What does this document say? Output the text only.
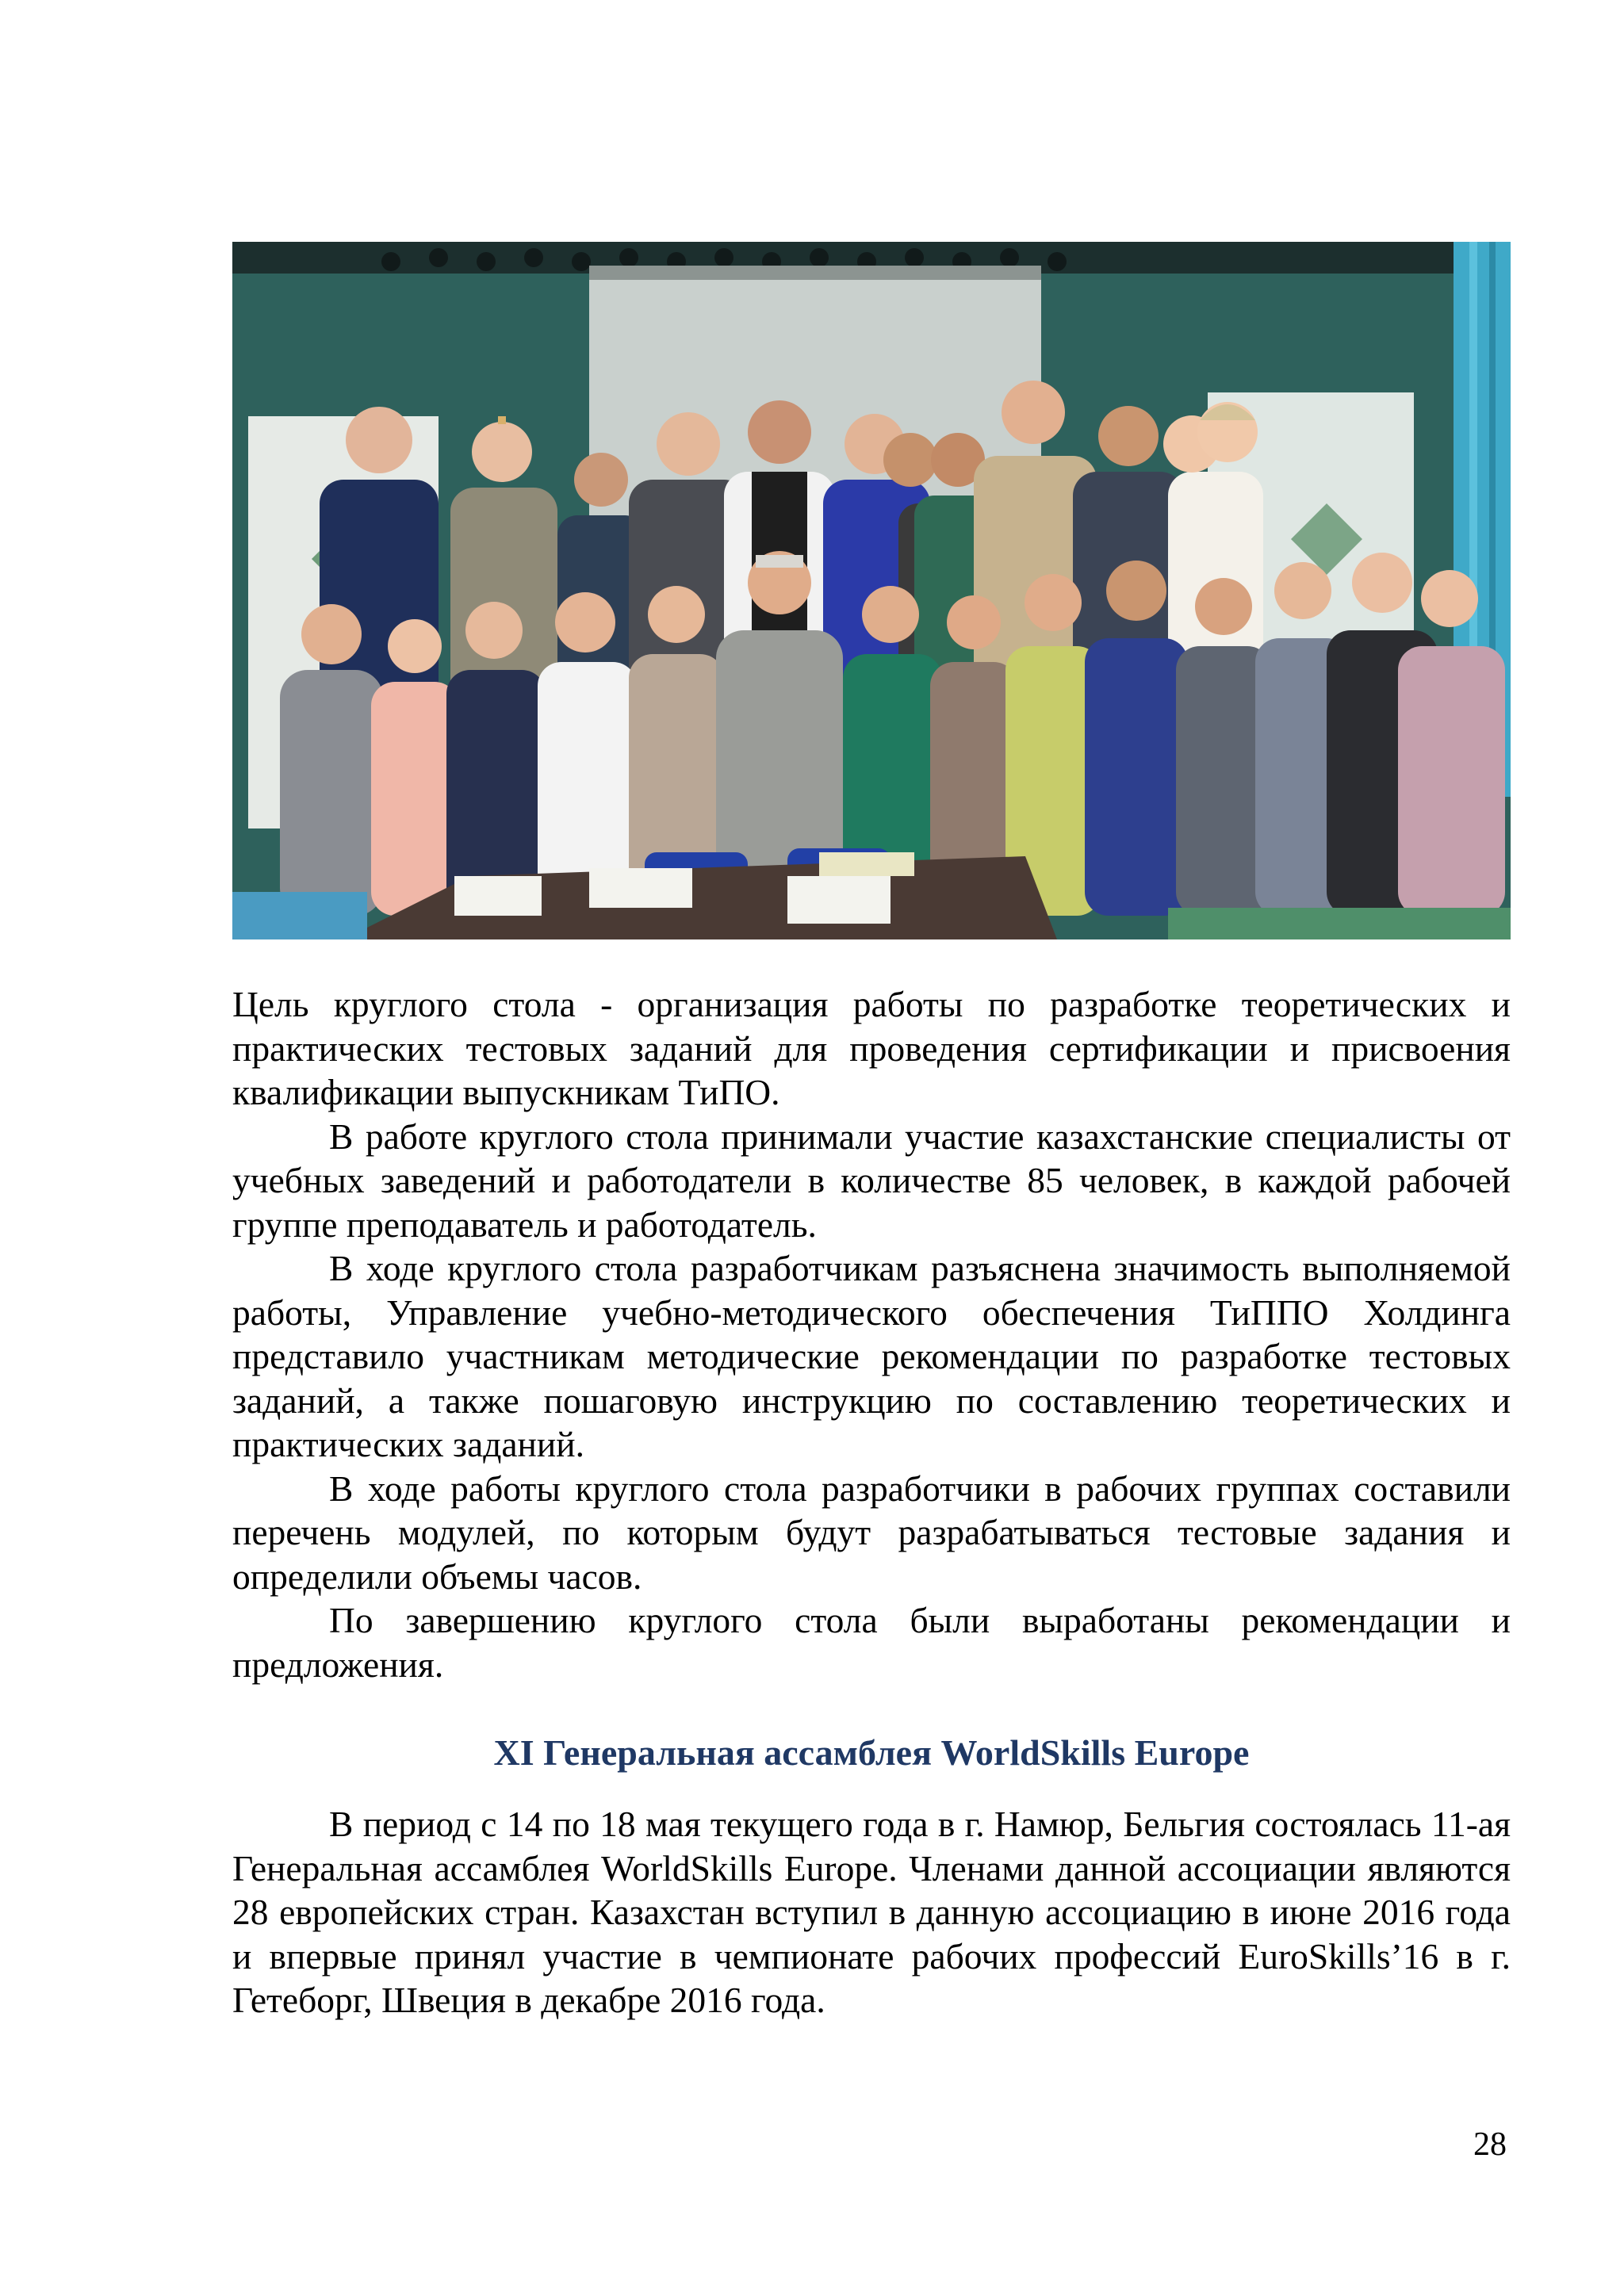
Цель круглого стола - организация работы по разработке теоретических и практических тестовых заданий для проведения сертификации и присвоения квалификации выпускникам ТиПО.

В работе круглого стола принимали участие казахстанские специалисты от учебных заведений и работодатели в количестве 85 человек, в каждой рабочей группе преподаватель и работодатель.

В ходе круглого стола разработчикам разъяснена значимость выполняемой работы, Управление учебно-методического обеспечения ТиППО Холдинга представило участникам методические рекомендации по разработке тестовых заданий, а также пошаговую инструкцию по составлению теоретических и практических заданий.

В ходе работы круглого стола разработчики в рабочих группах составили перечень модулей, по которым будут разрабатываться тестовые задания и определили объемы часов.

По завершению круглого стола были выработаны рекомендации и предложения.

XI Генеральная ассамблея WorldSkills Europe

В период с 14 по 18 мая текущего года в г. Намюр, Бельгия состоялась 11-ая Генеральная ассамблея WorldSkills Europe. Членами данной ассоциации являются 28 европейских стран. Казахстан вступил в данную ассоциацию в июне 2016 года и впервые принял участие в чемпионате рабочих профессий EuroSkills’16 в г. Гетеборг, Швеция в декабре 2016 года.

28
